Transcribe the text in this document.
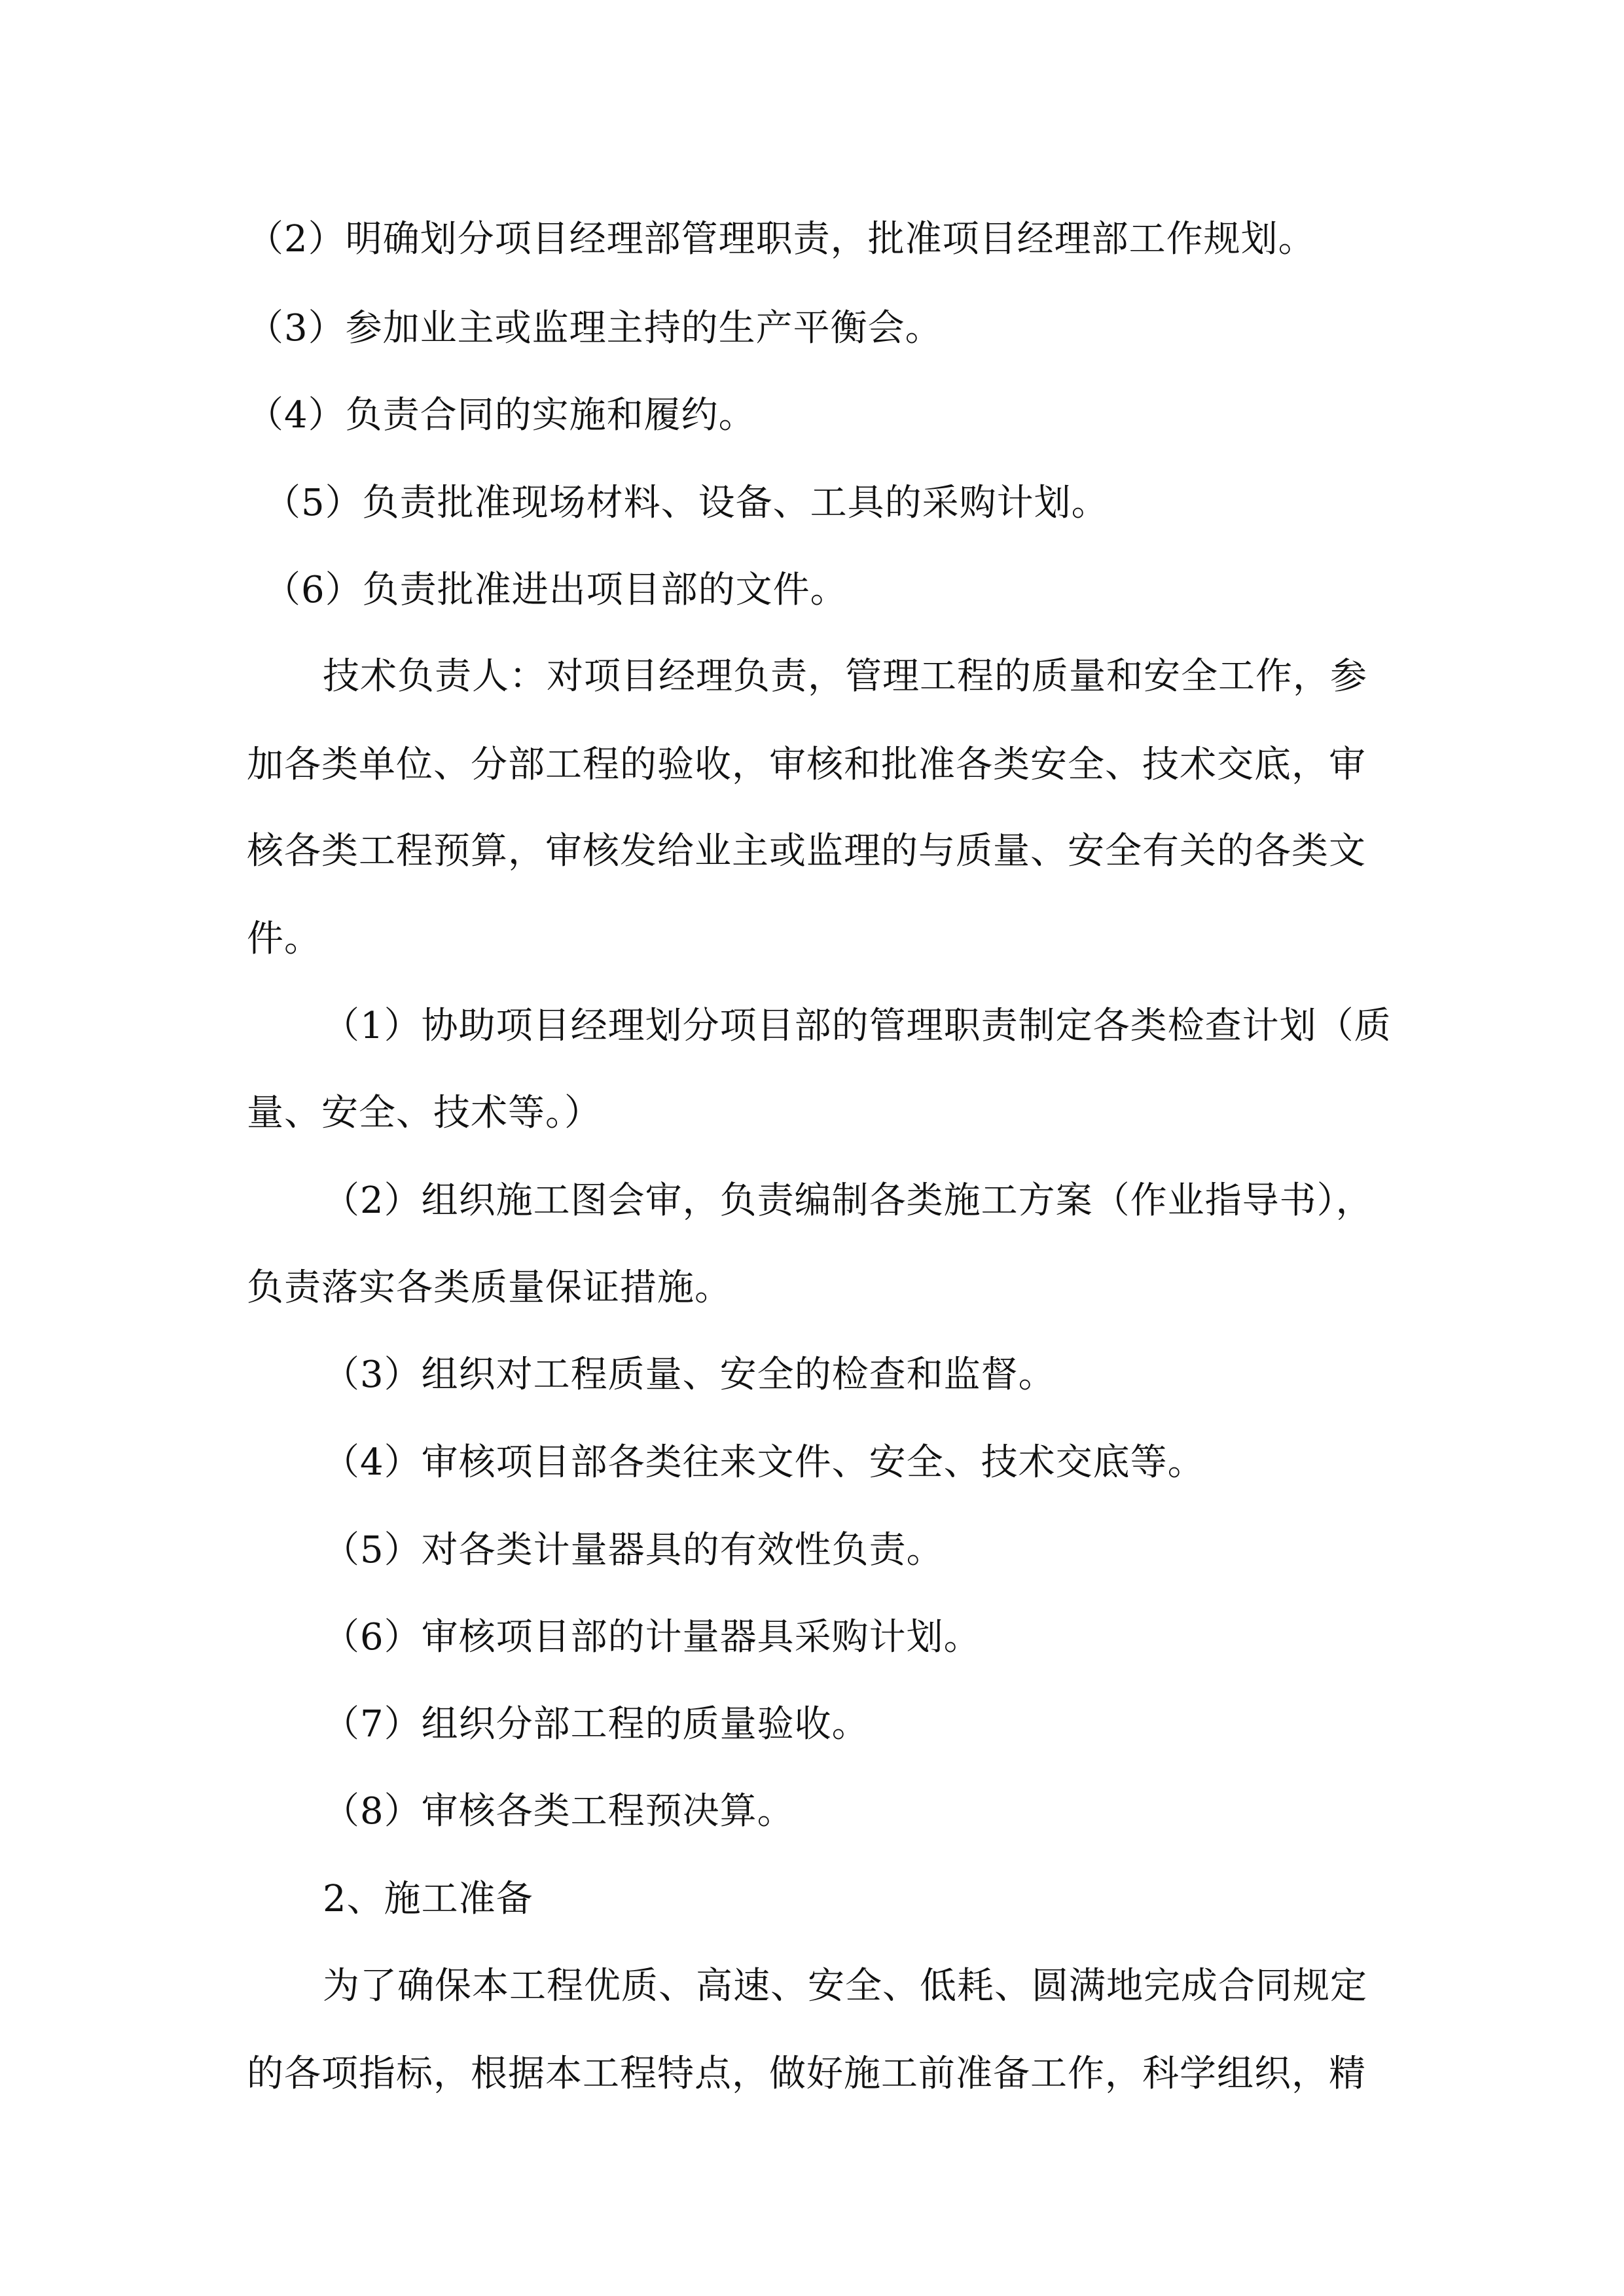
（2）明确划分项目经理部管理职责，批准项目经理部工作规划。
（3）参加业主或监理主持的生产平衡会。
（4）负责合同的实施和履约。
（5）负责批准现场材料、设备、工具的采购计划。
（6）负责批准进出项目部的文件。
技术负责人：对项目经理负责，管理工程的质量和安全工作，参
加各类单位、分部工程的验收，审核和批准各类安全、技术交底，审
核各类工程预算，审核发给业主或监理的与质量、安全有关的各类文
件。
（1）协助项目经理划分项目部的管理职责制定各类检查计划（质
量、安全、技术等。）
（2）组织施工图会审，负责编制各类施工方案（作业指导书），
负责落实各类质量保证措施。
（3）组织对工程质量、安全的检查和监督。
（4）审核项目部各类往来文件、安全、技术交底等。
（5）对各类计量器具的有效性负责。
（6）审核项目部的计量器具采购计划。
（7）组织分部工程的质量验收。
（8）审核各类工程预决算。
2、施工准备
为了确保本工程优质、高速、安全、低耗、圆满地完成合同规定
的各项指标，根据本工程特点，做好施工前准备工作，科学组织，精
